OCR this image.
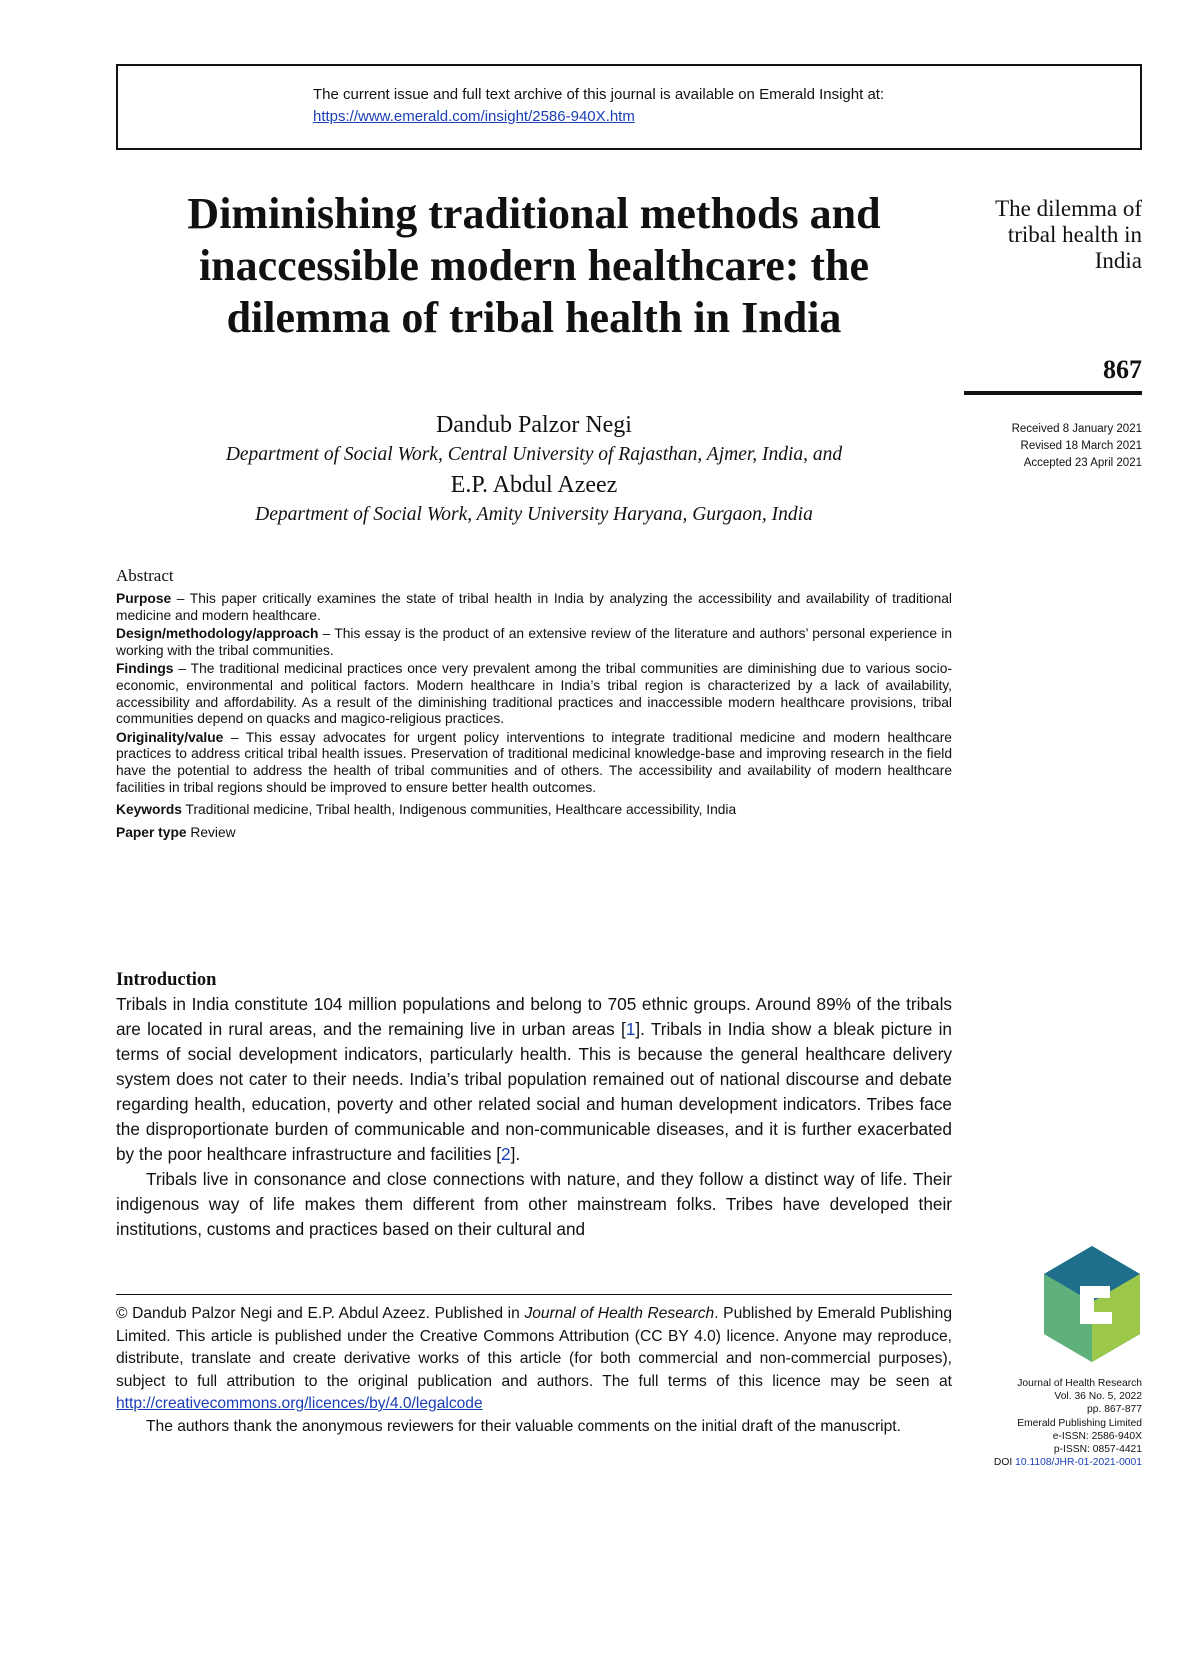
The current issue and full text archive of this journal is available on Emerald Insight at:
https://www.emerald.com/insight/2586-940X.htm
Diminishing traditional methods and inaccessible modern healthcare: the dilemma of tribal health in India
The dilemma of tribal health in India
867
Received 8 January 2021
Revised 18 March 2021
Accepted 23 April 2021
Dandub Palzor Negi
Department of Social Work, Central University of Rajasthan, Ajmer, India, and
E.P. Abdul Azeez
Department of Social Work, Amity University Haryana, Gurgaon, India
Abstract

Purpose – This paper critically examines the state of tribal health in India by analyzing the accessibility and availability of traditional medicine and modern healthcare.

Design/methodology/approach – This essay is the product of an extensive review of the literature and authors’ personal experience in working with the tribal communities.

Findings – The traditional medicinal practices once very prevalent among the tribal communities are diminishing due to various socio-economic, environmental and political factors. Modern healthcare in India’s tribal region is characterized by a lack of availability, accessibility and affordability. As a result of the diminishing traditional practices and inaccessible modern healthcare provisions, tribal communities depend on quacks and magico-religious practices.

Originality/value – This essay advocates for urgent policy interventions to integrate traditional medicine and modern healthcare practices to address critical tribal health issues. Preservation of traditional medicinal knowledge-base and improving research in the field have the potential to address the health of tribal communities and of others. The accessibility and availability of modern healthcare facilities in tribal regions should be improved to ensure better health outcomes.

Keywords Traditional medicine, Tribal health, Indigenous communities, Healthcare accessibility, India

Paper type Review

Introduction

Tribals in India constitute 104 million populations and belong to 705 ethnic groups. Around 89% of the tribals are located in rural areas, and the remaining live in urban areas [1]. Tribals in India show a bleak picture in terms of social development indicators, particularly health. This is because the general healthcare delivery system does not cater to their needs. India’s tribal population remained out of national discourse and debate regarding health, education, poverty and other related social and human development indicators. Tribes face the disproportionate burden of communicable and non-communicable diseases, and it is further exacerbated by the poor healthcare infrastructure and facilities [2].

Tribals live in consonance and close connections with nature, and they follow a distinct way of life. Their indigenous way of life makes them different from other mainstream folks. Tribes have developed their institutions, customs and practices based on their cultural and

© Dandub Palzor Negi and E.P. Abdul Azeez. Published in Journal of Health Research. Published by Emerald Publishing Limited. This article is published under the Creative Commons Attribution (CC BY 4.0) licence. Anyone may reproduce, distribute, translate and create derivative works of this article (for both commercial and non-commercial purposes), subject to full attribution to the original publication and authors. The full terms of this licence may be seen at http://creativecommons.org/licences/by/4.0/legalcode

The authors thank the anonymous reviewers for their valuable comments on the initial draft of the manuscript.

Journal of Health Research
Vol. 36 No. 5, 2022
pp. 867-877
Emerald Publishing Limited
e-ISSN: 2586-940X
p-ISSN: 0857-4421
DOI 10.1108/JHR-01-2021-0001
